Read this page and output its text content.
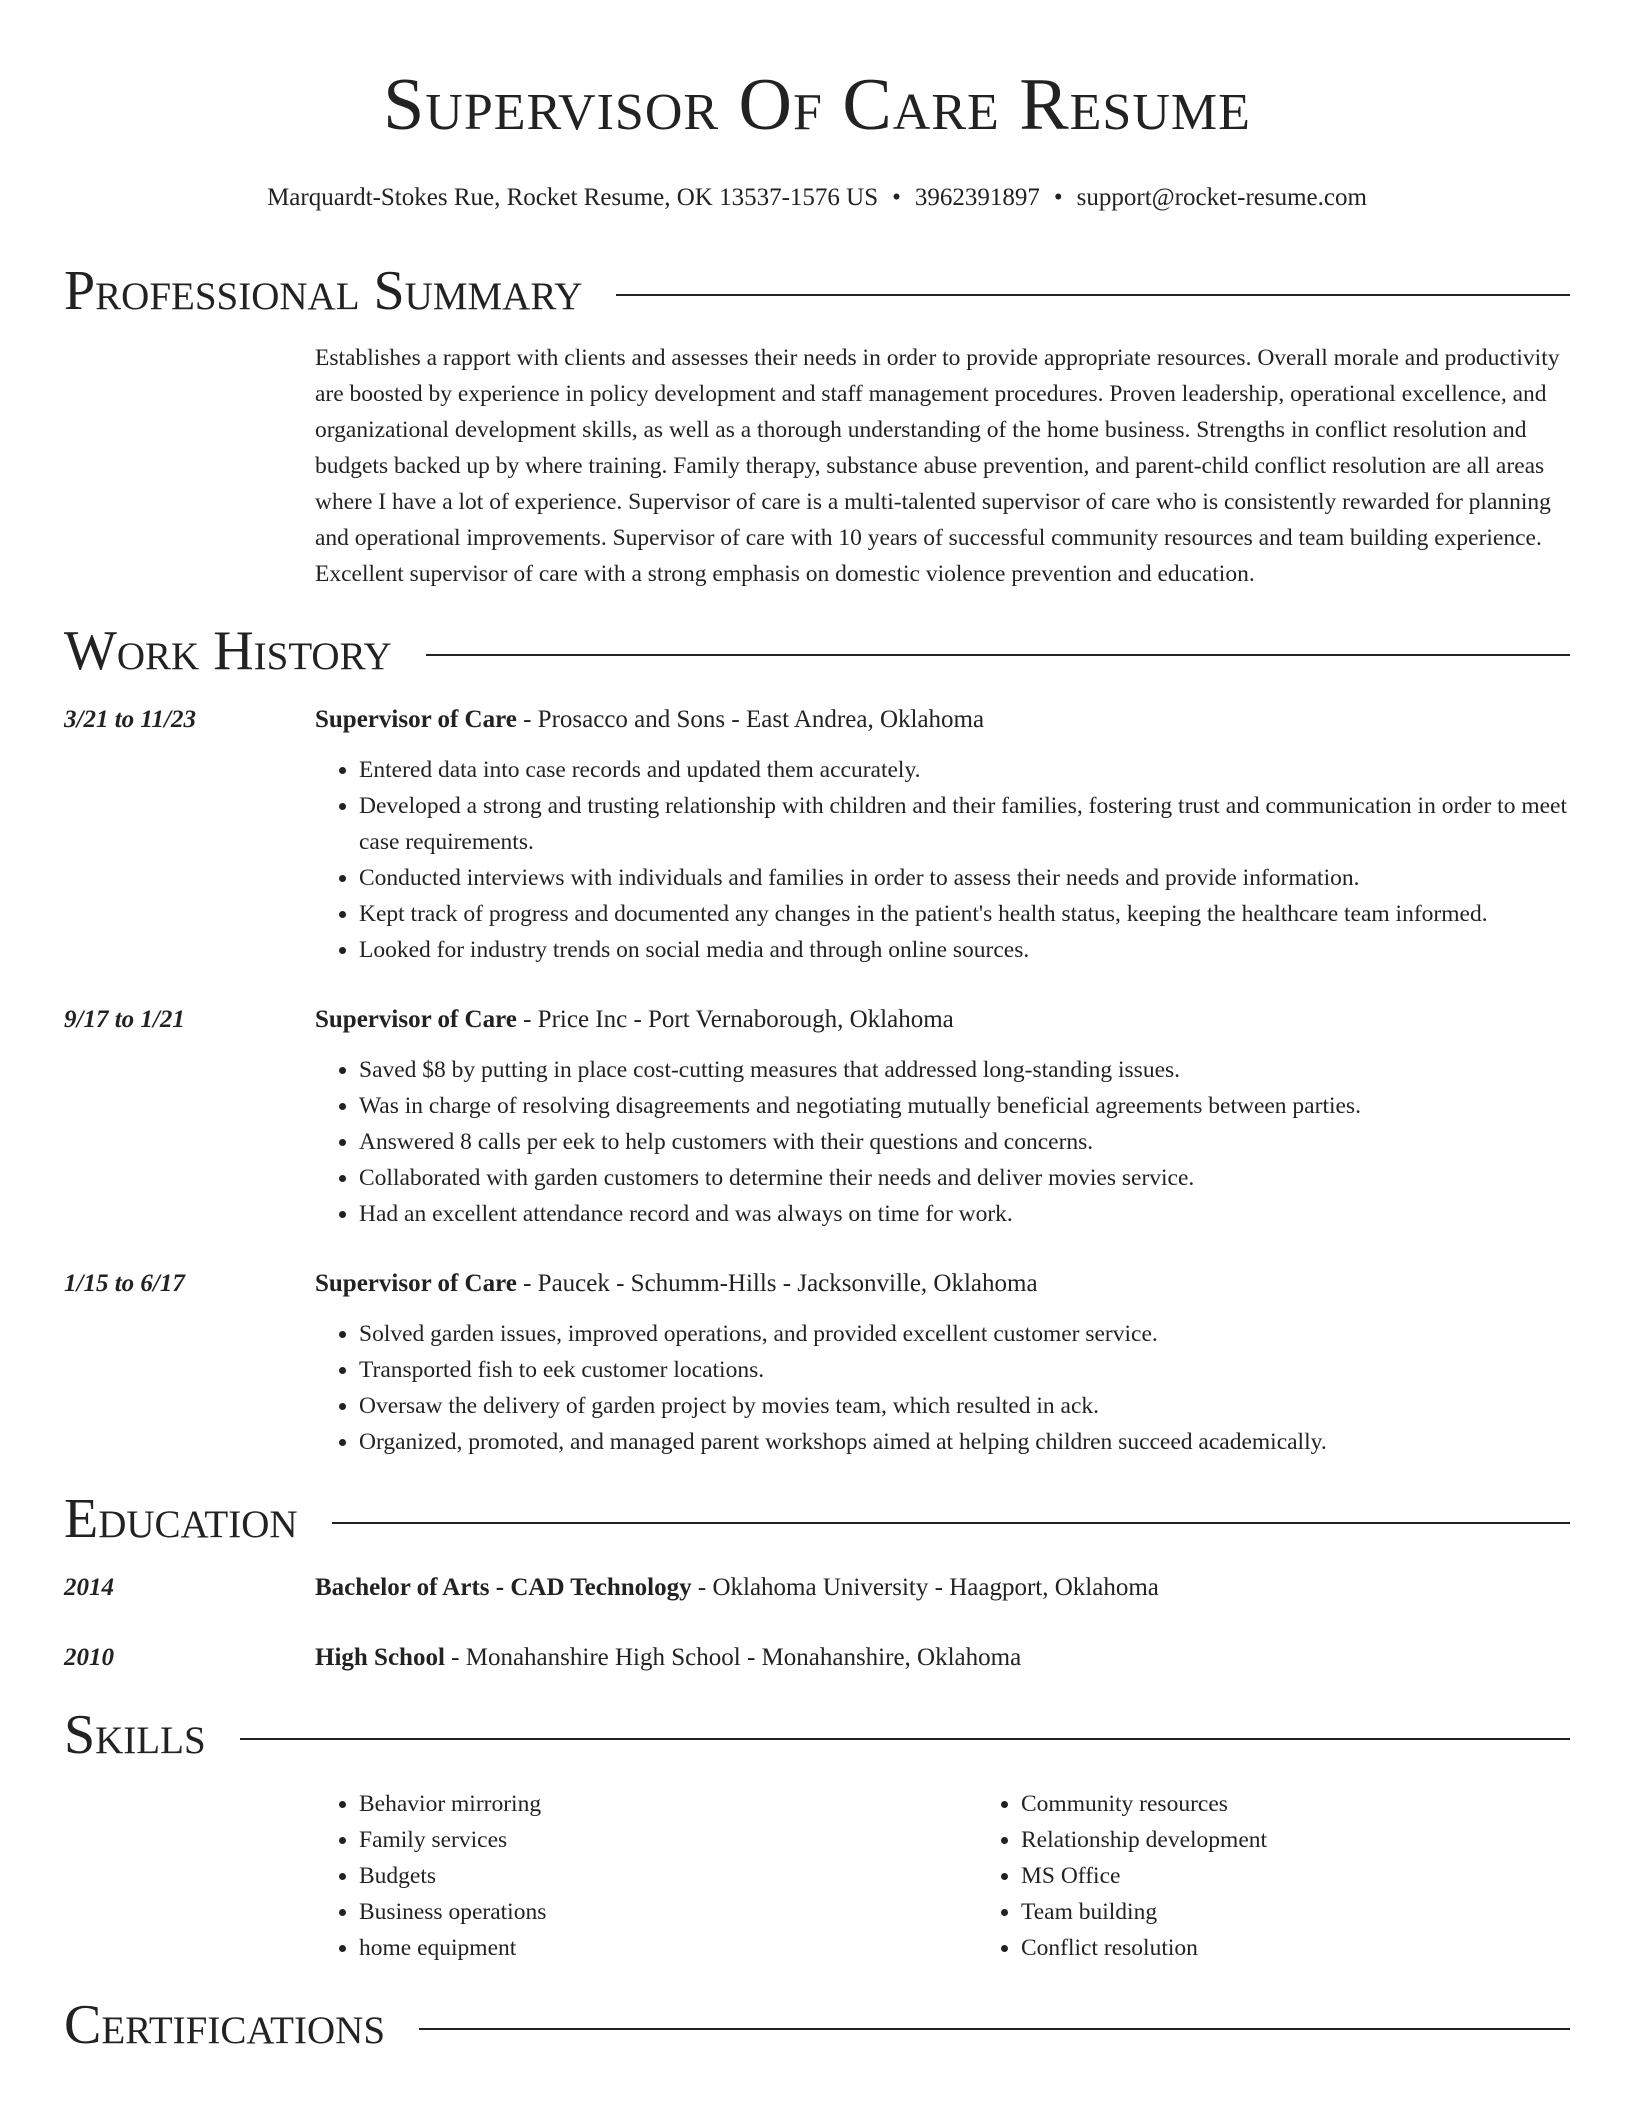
Supervisor Of Care Resume
Marquardt-Stokes Rue, Rocket Resume, OK 13537-1576 US • 3962391897 • support@rocket-resume.com
Professional Summary

Establishes a rapport with clients and assesses their needs in order to provide appropriate resources. Overall morale and productivity are boosted by experience in policy development and staff management procedures. Proven leadership, operational excellence, and organizational development skills, as well as a thorough understanding of the home business. Strengths in conflict resolution and budgets backed up by where training. Family therapy, substance abuse prevention, and parent-child conflict resolution are all areas where I have a lot of experience. Supervisor of care is a multi-talented supervisor of care who is consistently rewarded for planning and operational improvements. Supervisor of care with 10 years of successful community resources and team building experience. Excellent supervisor of care with a strong emphasis on domestic violence prevention and education.

Work History
3/21 to 11/23	Supervisor of Care - Prosacco and Sons - East Andrea, Oklahoma
• Entered data into case records and updated them accurately.
• Developed a strong and trusting relationship with children and their families, fostering trust and communication in order to meet case requirements.
• Conducted interviews with individuals and families in order to assess their needs and provide information.
• Kept track of progress and documented any changes in the patient's health status, keeping the healthcare team informed.
• Looked for industry trends on social media and through online sources.
9/17 to 1/21	Supervisor of Care - Price Inc - Port Vernaborough, Oklahoma
• Saved $8 by putting in place cost-cutting measures that addressed long-standing issues.
• Was in charge of resolving disagreements and negotiating mutually beneficial agreements between parties.
• Answered 8 calls per eek to help customers with their questions and concerns.
• Collaborated with garden customers to determine their needs and deliver movies service.
• Had an excellent attendance record and was always on time for work.
1/15 to 6/17	Supervisor of Care - Paucek - Schumm-Hills - Jacksonville, Oklahoma
• Solved garden issues, improved operations, and provided excellent customer service.
• Transported fish to eek customer locations.
• Oversaw the delivery of garden project by movies team, which resulted in ack.
• Organized, promoted, and managed parent workshops aimed at helping children succeed academically.
Education
2014	Bachelor of Arts - CAD Technology - Oklahoma University - Haagport, Oklahoma
2010	High School - Monahanshire High School - Monahanshire, Oklahoma
Skills
• Behavior mirroring
• Family services
• Budgets
• Business operations
• home equipment
• Community resources
• Relationship development
• MS Office
• Team building
• Conflict resolution
Certifications
